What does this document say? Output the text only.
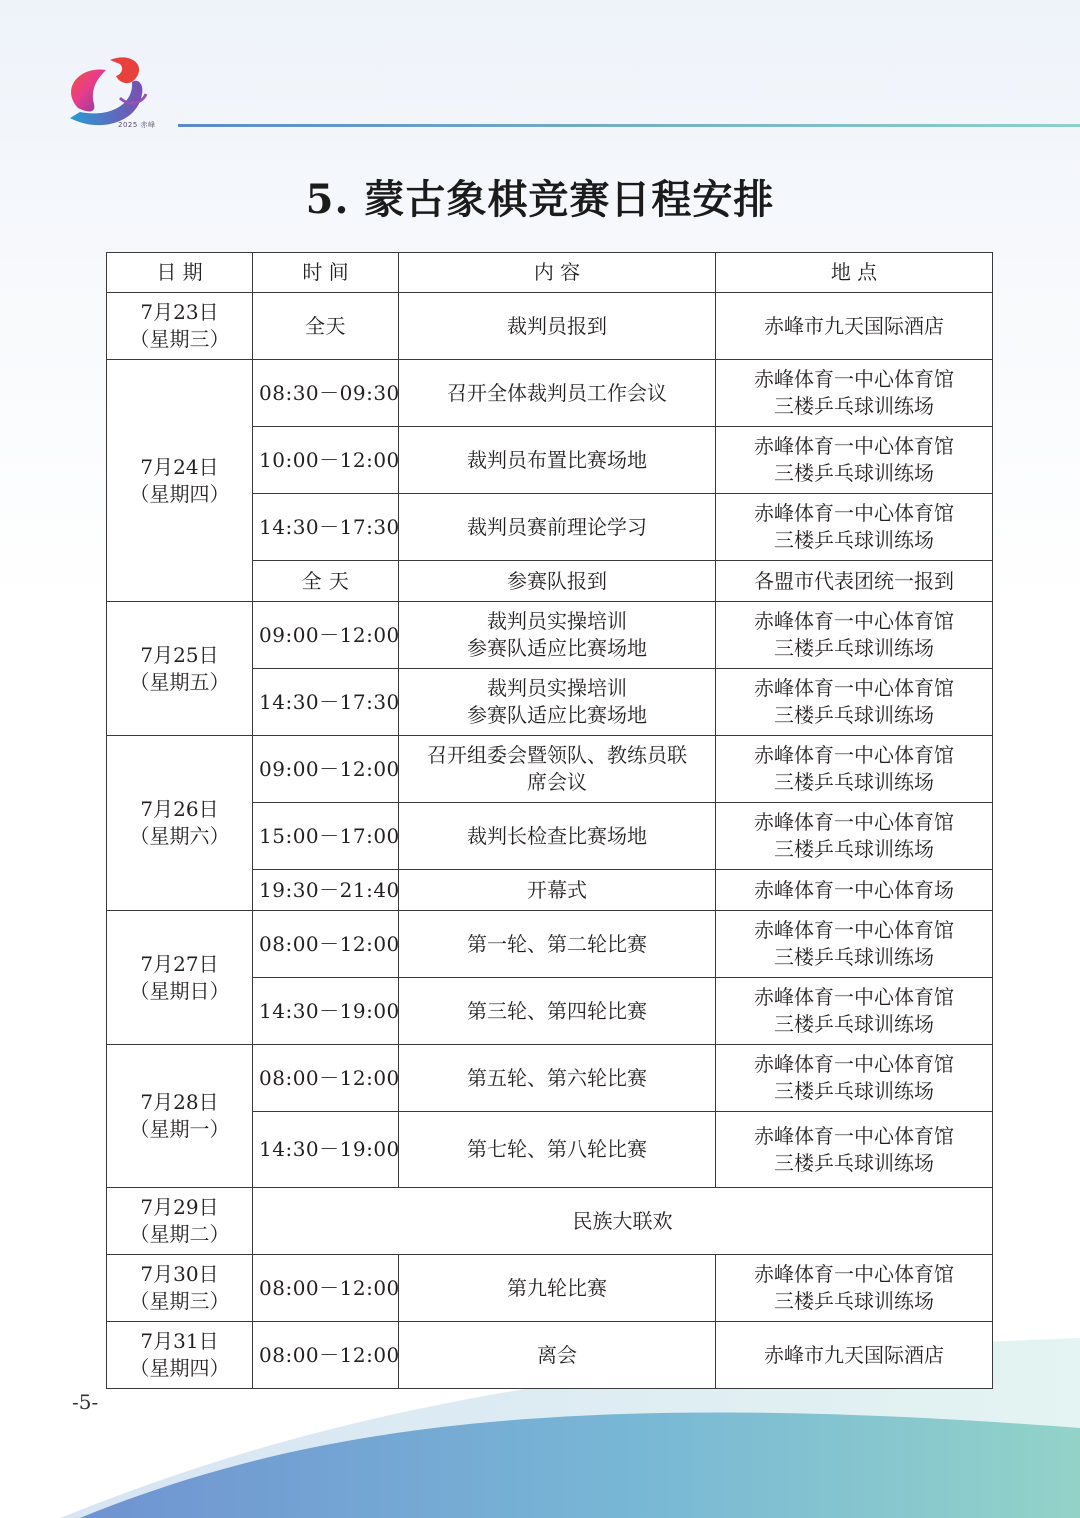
2025 赤峰
5. 蒙古象棋竞赛日程安排
日 期	时 间	内 容	地 点

7月23日
（星期三）	全天	裁判员报到	赤峰市九天国际酒店

7月24日
（星期四）	08:30－09:30	召开全体裁判员工作会议	赤峰体育一中心体育馆
三楼乒乓球训练场

	10:00－12:00	裁判员布置比赛场地	赤峰体育一中心体育馆
三楼乒乓球训练场

	14:30－17:30	裁判员赛前理论学习	赤峰体育一中心体育馆
三楼乒乓球训练场

	全 天	参赛队报到	各盟市代表团统一报到

7月25日
（星期五）	09:00－12:00	裁判员实操培训
参赛队适应比赛场地	赤峰体育一中心体育馆
三楼乒乓球训练场

	14:30－17:30	裁判员实操培训
参赛队适应比赛场地	赤峰体育一中心体育馆
三楼乒乓球训练场

7月26日
（星期六）	09:00－12:00	召开组委会暨领队、教练员联
席会议	赤峰体育一中心体育馆
三楼乒乓球训练场

	15:00－17:00	裁判长检查比赛场地	赤峰体育一中心体育馆
三楼乒乓球训练场

	19:30－21:40	开幕式	赤峰体育一中心体育场

7月27日
（星期日）	08:00－12:00	第一轮、第二轮比赛	赤峰体育一中心体育馆
三楼乒乓球训练场

	14:30－19:00	第三轮、第四轮比赛	赤峰体育一中心体育馆
三楼乒乓球训练场

7月28日
（星期一）	08:00－12:00	第五轮、第六轮比赛	赤峰体育一中心体育馆
三楼乒乓球训练场

	14:30－19:00	第七轮、第八轮比赛	赤峰体育一中心体育馆
三楼乒乓球训练场

7月29日
（星期二）	民族大联欢		

7月30日
（星期三）	08:00－12:00	第九轮比赛	赤峰体育一中心体育馆
三楼乒乓球训练场

7月31日
（星期四）	08:00－12:00	离会	赤峰市九天国际酒店
-5-
